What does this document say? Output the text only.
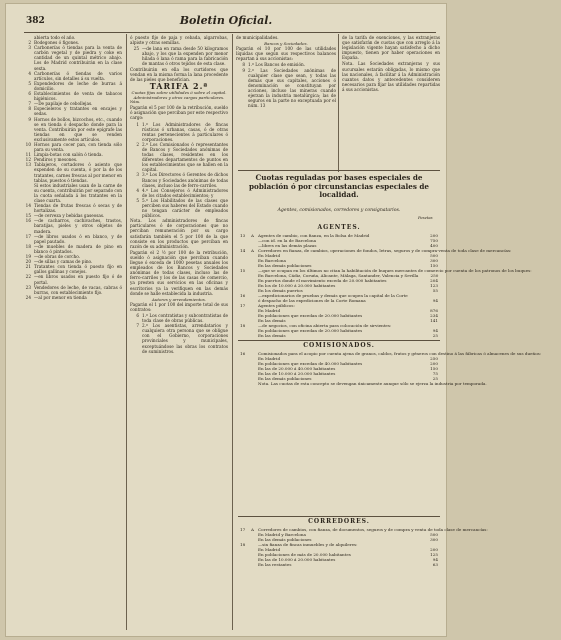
382	Boletin Oficial.
abierta todo el año.
2 Bodegones ó figones.
3 Carbonerías ó tiendas para la venta de carbón vegetal y de piedra y coke en cantidad de un quintal métrico abajo. Los de Madrid contribuirán en la clase sexta.
4 Carbonerías ó tiendas de varios artículos, sin detalles á su vuelta.
5 Expendedores de leche de burras á domicilio.
6 Establecimientos de venta de tabacos higiénicos.
7 —De papilaje de cebollejas.
8 Especieleros y tratantes en encajes y sedas.
9 Hornos de bollos, bizcochos, etc., cuando se en tienda ó despacho donde para la venta. Contribuirán por este epígrafe las tiendas en que se venden exclusivamente estos artículos.
10 Hornos para cocer pan, con tienda sólo para su venta.
11 Limpia-botas con salón ó tienda.
12 Pendiros y mesones.
13 Tablajeros, cortadores ó asiento que expenden de su cuenta, ó por la de los tratantes, carnes frescas al por menor en tablas, puestos ó tiendas.
Si estos industriales usan de la carne de su cuenta, contribuirán por separado con la cuota señalada á los tratantes en la clase cuarta.
14 Tiendas de frutas frescas ó secas y de hortalizas.
15 —de cerveza y bebidas gaseosas.
16 —de cacharros, cachivaches, trastos, baratijas, pieles y otros objetos de madera.
17 —de libros usados ó en blanco, y de papel pautado.
18 —de muebles de madera de pino en blanco ó pintados.
19 —de obras de corcho.
20 —de sillas y camas de pino.
21 Tratantes con tienda ó puesto fijo en gallos gallinas y conejos.
22 —en libros usados en puesto fijo ó de portal.
23 Vendedores de leche, de vacas, cabras ó burras, con establecimiento fijo.
24 —al por menor en tienda

ó puesto fijo de paja y cebada, algarrobas, alpiste y otras semillas.

25 —de lana en rama desde 50 kilogramos abajo, y los que la expenden por menor hilada ó lana ó rama para la fabricación de mantas ó otros tejidos de esta clase.

Contribuirán en ella los curtidores que vendan en la misma forma la lana procedente de las pieles que benefician.

TARIFA 2.ª
Cuotas fijas sobre utilidades ó sobre el capital.
Administradores y otros cargos particulares.
Núm.

Pagarán el 5 por 100 de la retribución, sueldo ó asignación que perciban por este respectivo cargo:

1 1.º Los Administradores de fincas rústicas ó urbanas, casas, ó de otras rentas pertenecientes á particulares ó corporaciones.
2 2.º Los Comisionados ó representantes de Bancos y Sociedades anónimas de todas clases, residentes en los diferentes departamentos de puntos en los establecimientos que se hallen en la capital.
3 3.º Los Directores ó Gerentes de dichos Bancos y Sociedades anónimas de todas clases, incluso las de ferro-carriles.
4 4.º Los Consejeros ó Administradores de los citados establecimientos; y
5 5.º Los Habilitados de las clases que perciben sus haberes del Estado cuando no tengan carácter de empleados públicos.

Nota. Los administradores de fincas particulares ó de corporaciones que no perciban remuneración por su cargo satisfarán también el 5 por 100 de la que consiste en los productos que perciban en razón de su administración.

Pagarán el 2 ½ por 100 de la retribución, sueldo ó asignación que perciban cuando llegue ó exceda de 1000 pesetas anuales los empleados de los Bancos y Sociedades anónimas de todas clases, incluso las de ferro-carriles y los de las casas de comercio, ya presten sus servicios en las oficinas y escritorios ya la verifiquen en las demás donde se halle establecida la industria.

Autores y arrendamientos.

Pagarán el 1 por 100 del importe total de sus contratos:

6 1.º Los contratistas y subcontratistas de toda clase de obras públicas.
7 2.º Los asentistas, arrendatarios y cualquiera otra persona que se obligue con el Gobierno, corporaciones provinciales y municipales, exceptuándose las obras los contratos de suministros.

de municipalidades.

Bancos y Sociedades.

Pagarán el 10 por 100 de las utilidades líquidas que según sus respectivos balances repartan á sus accionistas:

8 1.º Los Bancos de emisión.
9 2.º Las Sociedades anónimas de cualquier clase que sean, y todas las demás que sus capitales, acciones ó denominación se constituyan por acciones, incluso las mineras cuando ejerzan la industria metalúrgica; las de seguros en la parte no exceptuada por el núm. 13

de la tarifa de exenciones, y las extranjeras que satisfarán de cuotas que con arreglo á la legislación vigente hayan satisfecho á dicho impuesto, tienen por haber operaciones en España.

Nota. Las Sociedades extranjeras y sus sucursales estarán obligadas, lo mismo que las nacionales, á facilitar á la Administración cuantos datos y antecedentes consideren necesarios para fijar las utilidades repartidas á sus accionistas.

Cuotas reguladas por bases especiales de población ó por circunstancias especiales de localidad.
Agentes, comisionados, corredores y consignatarios.
Pesetas
AGENTES.
13	A Agentes de cambio, con fianza, en la Bolsa de Madrid	200
—con id. en la de Barcelona	750
—libres en las demás plazas	400
14	A Corredores en fianza, de cambios, operaciones de fondos, letras, seguros y de compra-venta de toda clase de mercancías:
En Madrid	500
En Barcelona	300
En las demás poblaciones	150
15	—que se ocupan en los últimos no citan la habilitación de buques mercantes de comercio por cuenta de los patronos de los buques:
En Barcelona, Cádiz, Coruña, Alicante, Málaga, Santander, Valencia y Sevilla	250
En puertos donde el movimiento exceda de 20.000 habitantes	204
En los de 10.000 á 20.000 habitantes	123
En los demás puertos	55
16	—expedicionarios de pruebas y demás que ocupen la capital de la Corte
ó despacho de las expediciones de la Corte Romana	94
17	Agentes públicos:
En Madrid	876
En poblaciones que excedan de 20.000 habitantes	234
En las demás	141
18	—de negocios, con oficina abierta para colocación de sirvientes:
En poblaciones que excedan de 20.000 habitantes	94
En las demás	25
COMISIONADOS.
16	Comisionados para el acopio por cuenta ajena de granos, caldos, frutos y géneros con destino á las fábricas ó almacenes de sus dueños:
En Madrid	250
En poblaciones que excedan de 40.000 habitantes	200
En las de 20.000 á 40.000 habitantes	150
En las de 10.000 á 20.000 habitantes	75
En las demás poblaciones	25
Nota. Las cuotas de esta concepto se devengan únicamente aunque sólo se ejerza la industria por temporada.
CORREDORES.
17	A Corredores de cambios, con fianza, de documentos, seguros y de compra y venta de toda clase de mercancías:
En Madrid y Barcelona	500
En las demás poblaciones	300
18	—sin fianza de fincas inmuebles y de alquileres:
En Madrid	200
En poblaciones de más de 20.000 habitantes	125
En las de 10.000 á 20.000 habitantes	94
En las restantes	63
